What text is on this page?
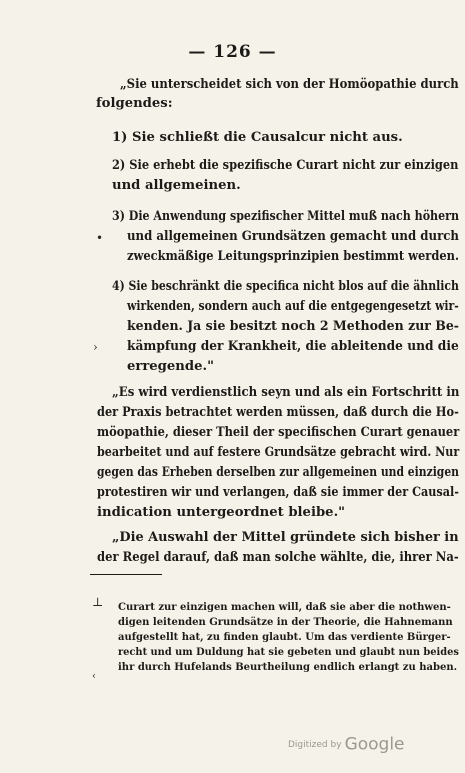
— 126 —
„Sie unterscheidet sich von der Homöopathie durch
folgendes:
1) Sie schließt die Causalcur nicht aus.
2) Sie erhebt die spezifische Curart nicht zur einzigen
und allgemeinen.
3) Die Anwendung spezifischer Mittel muß nach höhern
und allgemeinen Grundsätzen gemacht und durch
zweckmäßige Leitungsprinzipien bestimmt werden.
4) Sie beschränkt die specifica nicht blos auf die ähnlich
wirkenden, sondern auch auf die entgegengesetzt wir-
kenden. Ja sie besitzt noch 2 Methoden zur Be-
kämpfung der Krankheit, die ableitende und die
erregende."
„Es wird verdienstlich seyn und als ein Fortschritt in
der Praxis betrachtet werden müssen, daß durch die Ho-
möopathie, dieser Theil der specifischen Curart genauer
bearbeitet und auf festere Grundsätze gebracht wird. Nur
gegen das Erheben derselben zur allgemeinen und einzigen
protestiren wir und verlangen, daß sie immer der Causal-
indication untergeordnet bleibe."
„Die Auswahl der Mittel gründete sich bisher in
der Regel darauf, daß man solche wählte, die, ihrer Na-
•
›
⊥
‹
Curart zur einzigen machen will, daß sie aber die nothwen-
digen leitenden Grundsätze in der Theorie, die Hahnemann
aufgestellt hat, zu finden glaubt. Um das verdiente Bürger-
recht und um Duldung hat sie gebeten und glaubt nun beides
ihr durch Hufelands Beurtheilung endlich erlangt zu haben.
Digitized by Google
